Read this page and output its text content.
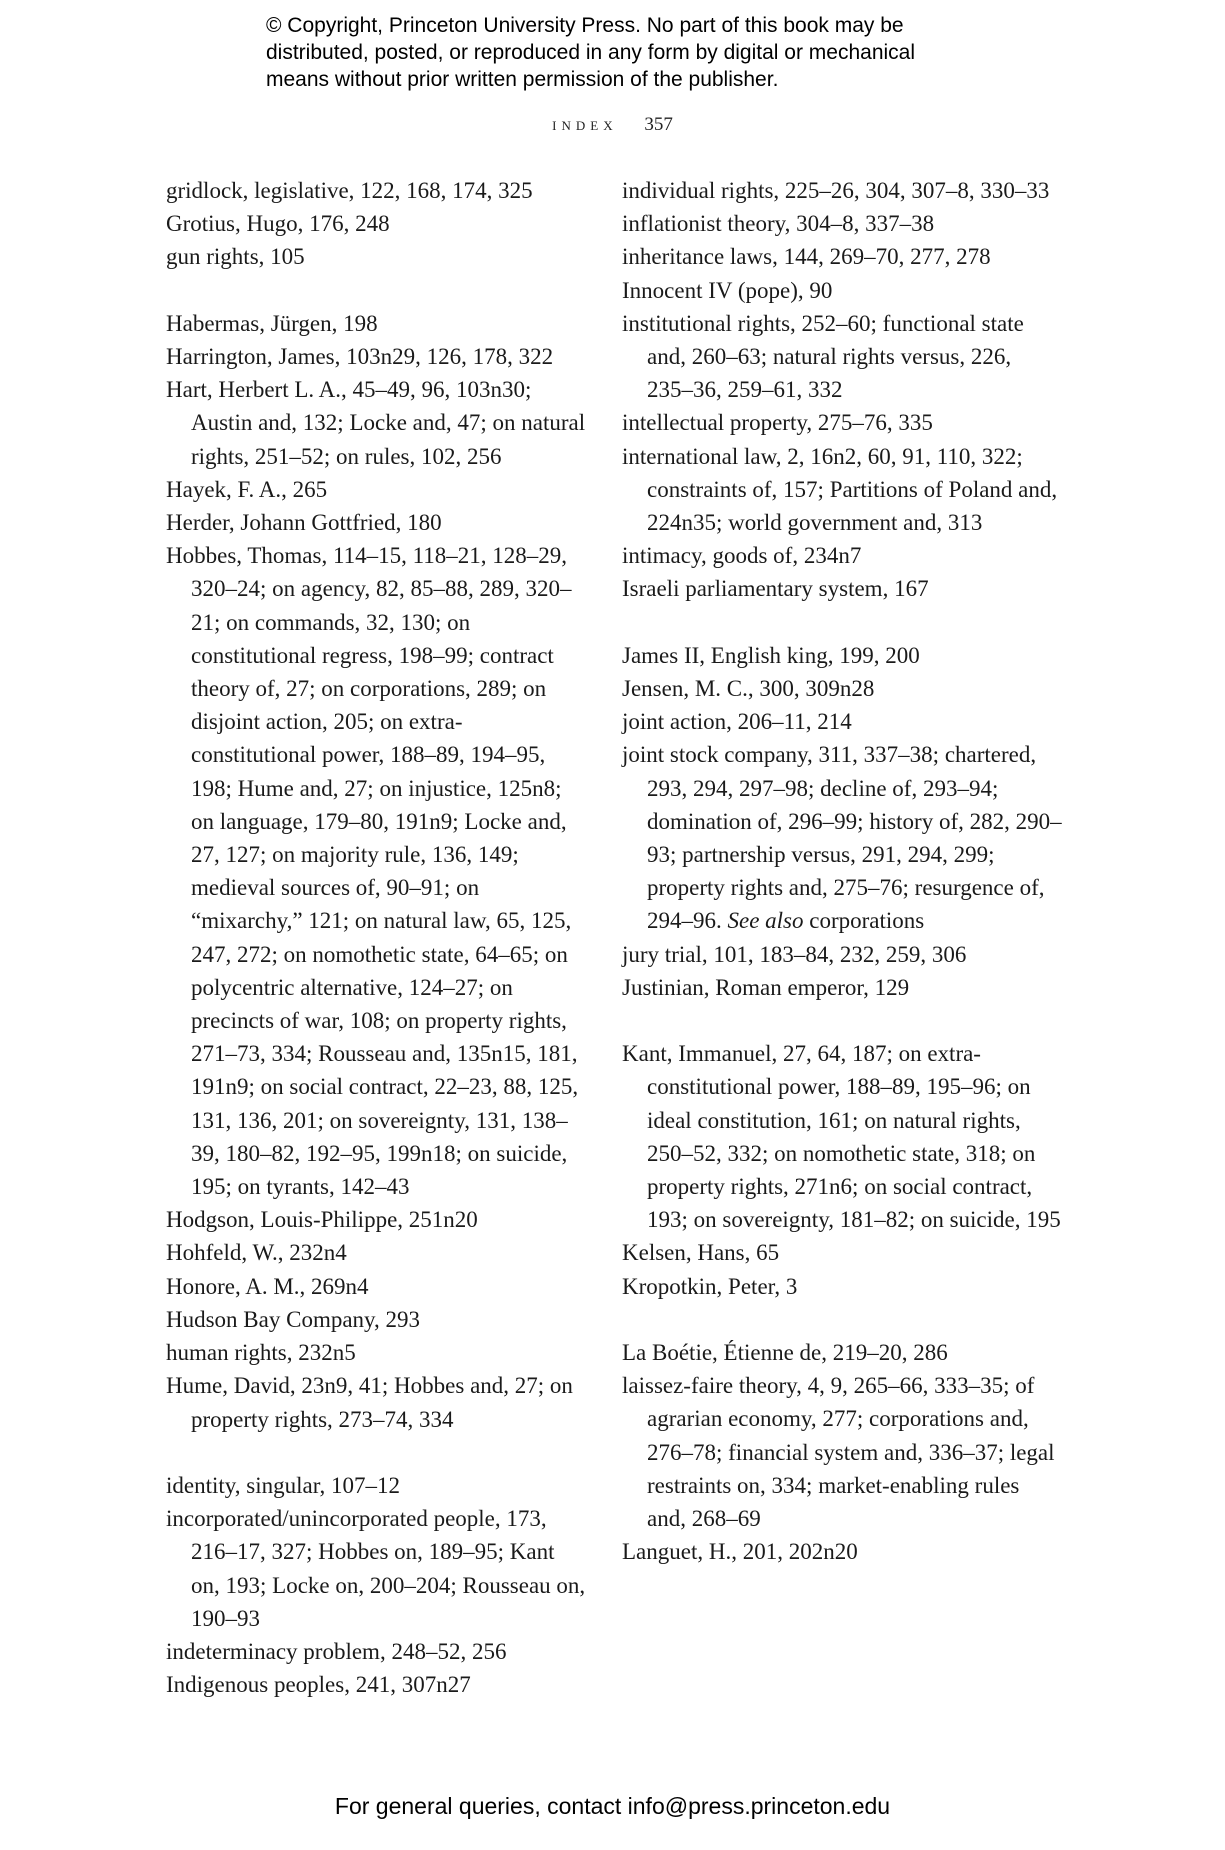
© Copyright, Princeton University Press. No part of this book may be
distributed, posted, or reproduced in any form by digital or mechanical
means without prior written permission of the publisher.
index 357

gridlock, legislative, 122, 168, 174, 325

Grotius, Hugo, 176, 248

gun rights, 105

Habermas, Jürgen, 198

Harrington, James, 103n29, 126, 178, 322

Hart, Herbert L. A., 45–49, 96, 103n30; Austin and, 132; Locke and, 47; on natural rights, 251–52; on rules, 102, 256

Hayek, F. A., 265

Herder, Johann Gottfried, 180

Hobbes, Thomas, 114–15, 118–21, 128–29, 320–24; on agency, 82, 85–88, 289, 320–21; on commands, 32, 130; on constitutional regress, 198–99; contract theory of, 27; on corporations, 289; on disjoint action, 205; on extra-constitutional power, 188–89, 194–95, 198; Hume and, 27; on injustice, 125n8; on language, 179–80, 191n9; Locke and, 27, 127; on majority rule, 136, 149; medieval sources of, 90–91; on “mixarchy,” 121; on natural law, 65, 125, 247, 272; on nomothetic state, 64–65; on polycentric alternative, 124–27; on precincts of war, 108; on property rights, 271–73, 334; Rousseau and, 135n15, 181, 191n9; on social contract, 22–23, 88, 125, 131, 136, 201; on sovereignty, 131, 138–39, 180–82, 192–95, 199n18; on suicide, 195; on tyrants, 142–43

Hodgson, Louis-Philippe, 251n20

Hohfeld, W., 232n4

Honore, A. M., 269n4

Hudson Bay Company, 293

human rights, 232n5

Hume, David, 23n9, 41; Hobbes and, 27; on property rights, 273–74, 334

identity, singular, 107–12

incorporated/unincorporated people, 173, 216–17, 327; Hobbes on, 189–95; Kant on, 193; Locke on, 200–204; Rousseau on, 190–93

indeterminacy problem, 248–52, 256

Indigenous peoples, 241, 307n27

individual rights, 225–26, 304, 307–8, 330–33

inflationist theory, 304–8, 337–38

inheritance laws, 144, 269–70, 277, 278

Innocent IV (pope), 90

institutional rights, 252–60; functional state and, 260–63; natural rights versus, 226, 235–36, 259–61, 332

intellectual property, 275–76, 335

international law, 2, 16n2, 60, 91, 110, 322; constraints of, 157; Partitions of Poland and, 224n35; world government and, 313

intimacy, goods of, 234n7

Israeli parliamentary system, 167

James II, English king, 199, 200

Jensen, M. C., 300, 309n28

joint action, 206–11, 214

joint stock company, 311, 337–38; chartered, 293, 294, 297–98; decline of, 293–94; domination of, 296–99; history of, 282, 290–93; partnership versus, 291, 294, 299; property rights and, 275–76; resurgence of, 294–96. See also corporations

jury trial, 101, 183–84, 232, 259, 306

Justinian, Roman emperor, 129

Kant, Immanuel, 27, 64, 187; on extra-constitutional power, 188–89, 195–96; on ideal constitution, 161; on natural rights, 250–52, 332; on nomothetic state, 318; on property rights, 271n6; on social contract, 193; on sovereignty, 181–82; on suicide, 195

Kelsen, Hans, 65

Kropotkin, Peter, 3

La Boétie, Étienne de, 219–20, 286

laissez-faire theory, 4, 9, 265–66, 333–35; of agrarian economy, 277; corporations and, 276–78; financial system and, 336–37; legal restraints on, 334; market-enabling rules and, 268–69

Languet, H., 201, 202n20

For general queries, contact info@press.princeton.edu
